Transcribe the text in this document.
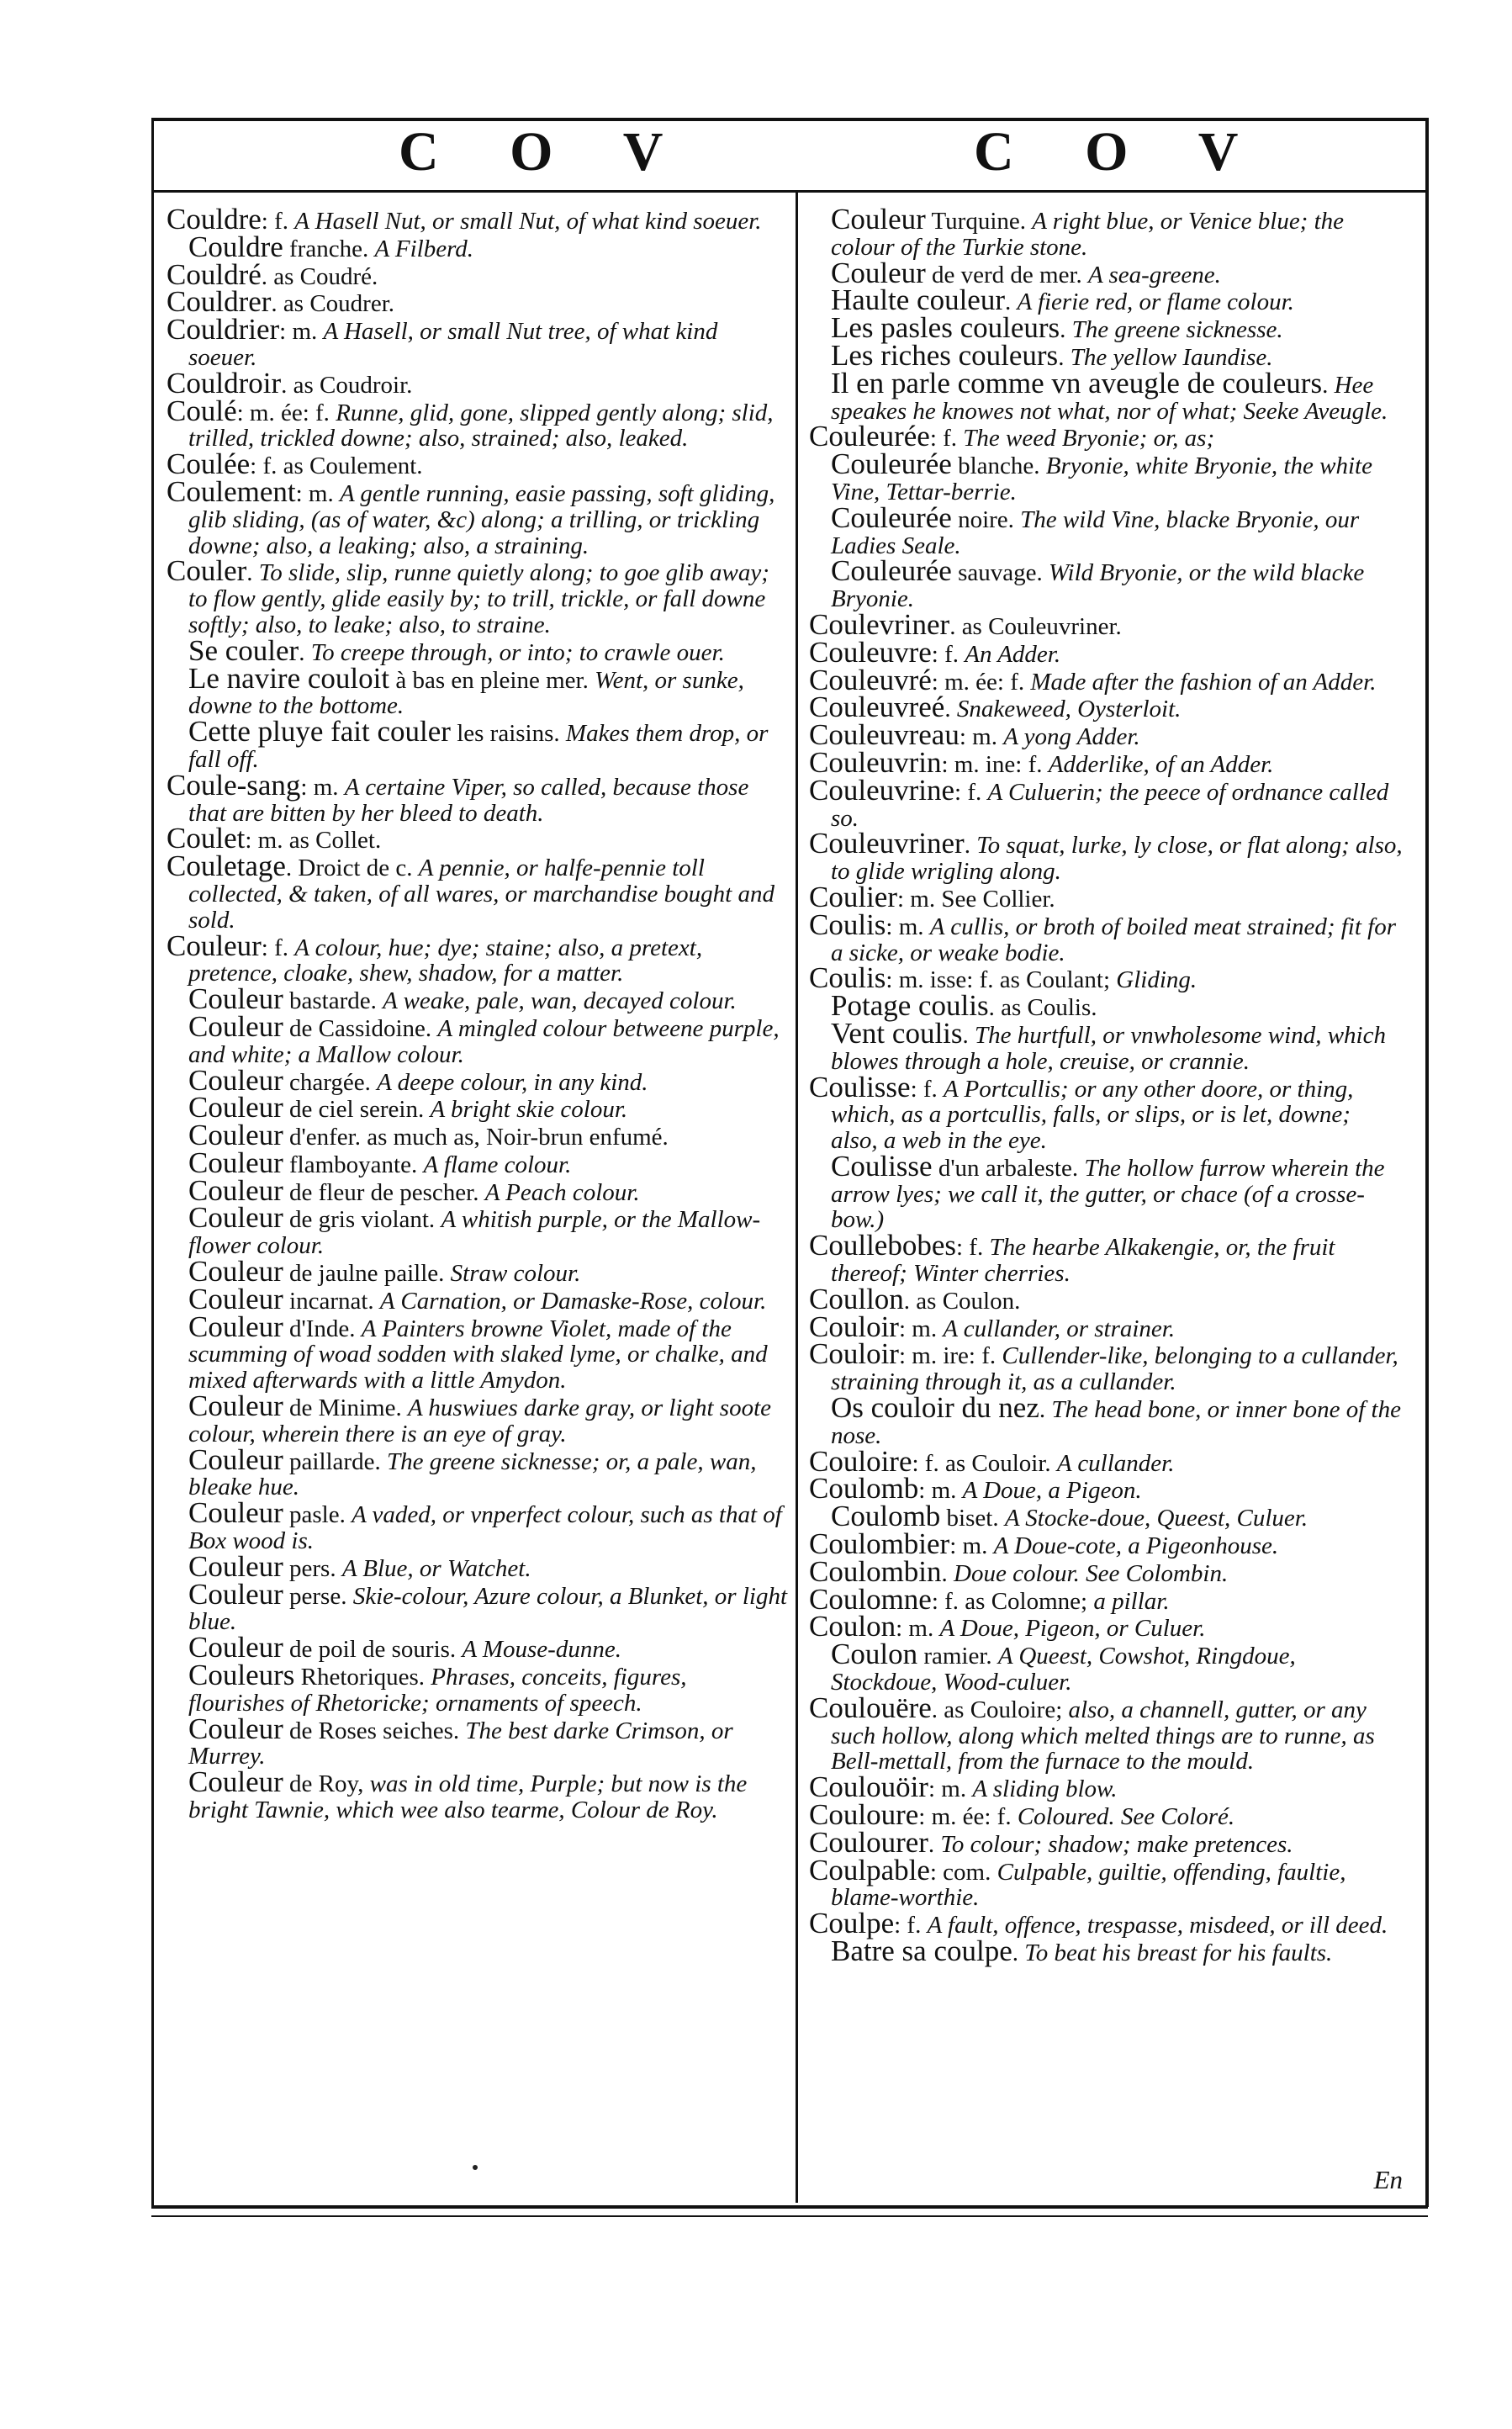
C O V	C O V

Couldre: f. A Hasell Nut, or small Nut, of what kind soeuer.

Couldre franche. A Filberd.

Couldré. as Coudré.

Couldrer. as Coudrer.

Couldrier: m. A Hasell, or small Nut tree, of what kind soeuer.

Couldroir. as Coudroir.

Coulé: m. ée: f. Runne, glid, gone, slipped gently along; slid, trilled, trickled downe; also, strained; also, leaked.

Coulée: f. as Coulement.

Coulement: m. A gentle running, easie passing, soft gliding, glib sliding, (as of water, &c) along; a trilling, or trickling downe; also, a leaking; also, a straining.

Couler. To slide, slip, runne quietly along; to goe glib away; to flow gently, glide easily by; to trill, trickle, or fall downe softly; also, to leake; also, to straine.

Se couler. To creepe through, or into; to crawle ouer.

Le navire couloit à bas en pleine mer. Went, or sunke, downe to the bottome.

Cette pluye fait couler les raisins. Makes them drop, or fall off.

Coule-sang: m. A certaine Viper, so called, because those that are bitten by her bleed to death.

Coulet: m. as Collet.

Couletage. Droict de c. A pennie, or halfe-pennie toll collected, & taken, of all wares, or marchandise bought and sold.

Couleur: f. A colour, hue; dye; staine; also, a pretext, pretence, cloake, shew, shadow, for a matter.

Couleur bastarde. A weake, pale, wan, decayed colour.

Couleur de Cassidoine. A mingled colour betweene purple, and white; a Mallow colour.

Couleur chargée. A deepe colour, in any kind.

Couleur de ciel serein. A bright skie colour.

Couleur d'enfer. as much as, Noir-brun enfumé.

Couleur flamboyante. A flame colour.

Couleur de fleur de pescher. A Peach colour.

Couleur de gris violant. A whitish purple, or the Mallow-flower colour.

Couleur de jaulne paille. Straw colour.

Couleur incarnat. A Carnation, or Damaske-Rose, colour.

Couleur d'Inde. A Painters browne Violet, made of the scumming of woad sodden with slaked lyme, or chalke, and mixed afterwards with a little Amydon.

Couleur de Minime. A huswiues darke gray, or light soote colour, wherein there is an eye of gray.

Couleur paillarde. The greene sicknesse; or, a pale, wan, bleake hue.

Couleur pasle. A vaded, or vnperfect colour, such as that of Box wood is.

Couleur pers. A Blue, or Watchet.

Couleur perse. Skie-colour, Azure colour, a Blunket, or light blue.

Couleur de poil de souris. A Mouse-dunne.

Couleurs Rhetoriques. Phrases, conceits, figures, flourishes of Rhetoricke; ornaments of speech.

Couleur de Roses seiches. The best darke Crimson, or Murrey.

Couleur de Roy, was in old time, Purple; but now is the bright Tawnie, which wee also tearme, Colour de Roy.

Couleur Turquine. A right blue, or Venice blue; the colour of the Turkie stone.

Couleur de verd de mer. A sea-greene.

Haulte couleur. A fierie red, or flame colour.

Les pasles couleurs. The greene sicknesse.

Les riches couleurs. The yellow Iaundise.

Il en parle comme vn aveugle de couleurs. Hee speakes he knowes not what, nor of what; Seeke Aveugle.

Couleurée: f. The weed Bryonie; or, as;

Couleurée blanche. Bryonie, white Bryonie, the white Vine, Tettar-berrie.

Couleurée noire. The wild Vine, blacke Bryonie, our Ladies Seale.

Couleurée sauvage. Wild Bryonie, or the wild blacke Bryonie.

Coulevriner. as Couleuvriner.

Couleuvre: f. An Adder.

Couleuvré: m. ée: f. Made after the fashion of an Adder.

Couleuvreé. Snakeweed, Oysterloit.

Couleuvreau: m. A yong Adder.

Couleuvrin: m. ine: f. Adderlike, of an Adder.

Couleuvrine: f. A Culuerin; the peece of ordnance called so.

Couleuvriner. To squat, lurke, ly close, or flat along; also, to glide wrigling along.

Coulier: m. See Collier.

Coulis: m. A cullis, or broth of boiled meat strained; fit for a sicke, or weake bodie.

Coulis: m. isse: f. as Coulant; Gliding.

Potage coulis. as Coulis.

Vent coulis. The hurtfull, or vnwholesome wind, which blowes through a hole, creuise, or crannie.

Coulisse: f. A Portcullis; or any other doore, or thing, which, as a portcullis, falls, or slips, or is let, downe; also, a web in the eye.

Coulisse d'un arbaleste. The hollow furrow wherein the arrow lyes; we call it, the gutter, or chace (of a crosse-bow.)

Coullebobes: f. The hearbe Alkakengie, or, the fruit thereof; Winter cherries.

Coullon. as Coulon.

Couloir: m. A cullander, or strainer.

Couloir: m. ire: f. Cullender-like, belonging to a cullander, straining through it, as a cullander.

Os couloir du nez. The head bone, or inner bone of the nose.

Couloire: f. as Couloir. A cullander.

Coulomb: m. A Doue, a Pigeon.

Coulomb biset. A Stocke-doue, Queest, Culuer.

Coulombier: m. A Doue-cote, a Pigeonhouse.

Coulombin. Doue colour. See Colombin.

Coulomne: f. as Colomne; a pillar.

Coulon: m. A Doue, Pigeon, or Culuer.

Coulon ramier. A Queest, Cowshot, Ringdoue, Stockdoue, Wood-culuer.

Coulouëre. as Couloire; also, a channell, gutter, or any such hollow, along which melted things are to runne, as Bell-mettall, from the furnace to the mould.

Coulouöir: m. A sliding blow.

Couloure: m. ée: f. Coloured. See Coloré.

Coulourer. To colour; shadow; make pretences.

Coulpable: com. Culpable, guiltie, offending, faultie, blame-worthie.

Coulpe: f. A fault, offence, trespasse, misdeed, or ill deed.

Batre sa coulpe. To beat his breast for his faults.

En
